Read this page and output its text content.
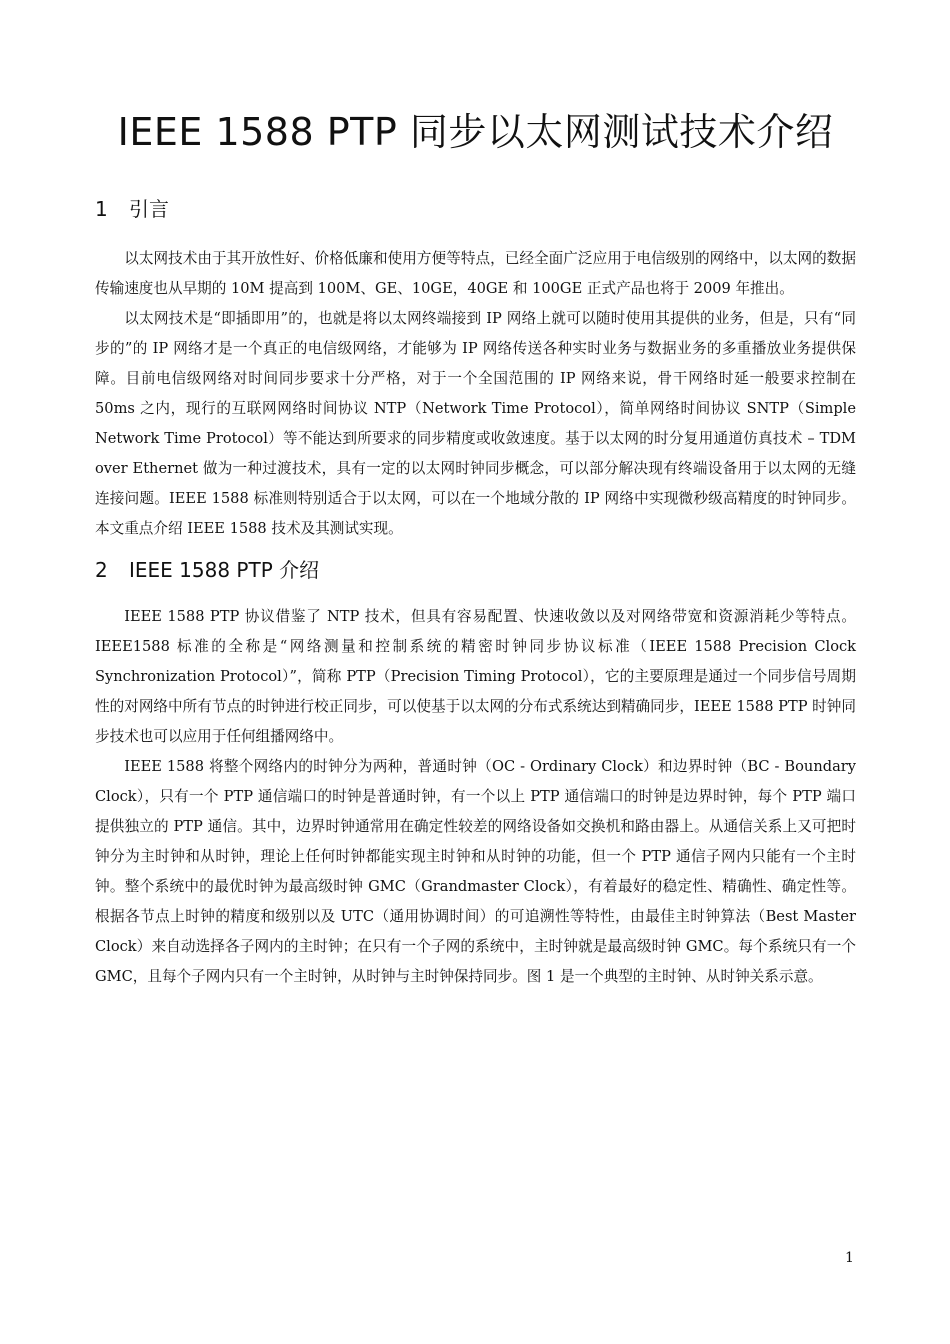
IEEE 1588 PTP 同步以太网测试技术介绍
1 引言

以太网技术由于其开放性好、价格低廉和使用方便等特点，已经全面广泛应用于电信级别的网络中，以太网的数据传输速度也从早期的 10M 提高到 100M、GE、10GE，40GE 和 100GE 正式产品也将于 2009 年推出。

以太网技术是“即插即用”的，也就是将以太网终端接到 IP 网络上就可以随时使用其提供的业务，但是，只有“同步的”的 IP 网络才是一个真正的电信级网络，才能够为 IP 网络传送各种实时业务与数据业务的多重播放业务提供保障。目前电信级网络对时间同步要求十分严格，对于一个全国范围的 IP 网络来说，骨干网络时延一般要求控制在 50ms 之内，现行的互联网网络时间协议 NTP（Network Time Protocol），简单网络时间协议 SNTP（Simple Network Time Protocol）等不能达到所要求的同步精度或收敛速度。基于以太网的时分复用通道仿真技术 – TDM over Ethernet 做为一种过渡技术，具有一定的以太网时钟同步概念，可以部分解决现有终端设备用于以太网的无缝连接问题。IEEE 1588 标准则特别适合于以太网，可以在一个地域分散的 IP 网络中实现微秒级高精度的时钟同步。本文重点介绍 IEEE 1588 技术及其测试实现。

2 IEEE 1588 PTP 介绍

IEEE 1588 PTP 协议借鉴了 NTP 技术，但具有容易配置、快速收敛以及对网络带宽和资源消耗少等特点。IEEE1588 标准的全称是“网络测量和控制系统的精密时钟同步协议标准（IEEE 1588 Precision Clock Synchronization Protocol）”，简称 PTP（Precision Timing Protocol），它的主要原理是通过一个同步信号周期性的对网络中所有节点的时钟进行校正同步，可以使基于以太网的分布式系统达到精确同步，IEEE 1588 PTP 时钟同步技术也可以应用于任何组播网络中。

IEEE 1588 将整个网络内的时钟分为两种，普通时钟（OC - Ordinary Clock）和边界时钟（BC - Boundary Clock），只有一个 PTP 通信端口的时钟是普通时钟，有一个以上 PTP 通信端口的时钟是边界时钟，每个 PTP 端口提供独立的 PTP 通信。其中，边界时钟通常用在确定性较差的网络设备如交换机和路由器上。从通信关系上又可把时钟分为主时钟和从时钟，理论上任何时钟都能实现主时钟和从时钟的功能，但一个 PTP 通信子网内只能有一个主时钟。整个系统中的最优时钟为最高级时钟 GMC（Grandmaster Clock），有着最好的稳定性、精确性、确定性等。根据各节点上时钟的精度和级别以及 UTC（通用协调时间）的可追溯性等特性，由最佳主时钟算法（Best Master Clock）来自动选择各子网内的主时钟；在只有一个子网的系统中，主时钟就是最高级时钟 GMC。每个系统只有一个 GMC，且每个子网内只有一个主时钟，从时钟与主时钟保持同步。图 1 是一个典型的主时钟、从时钟关系示意。

1
